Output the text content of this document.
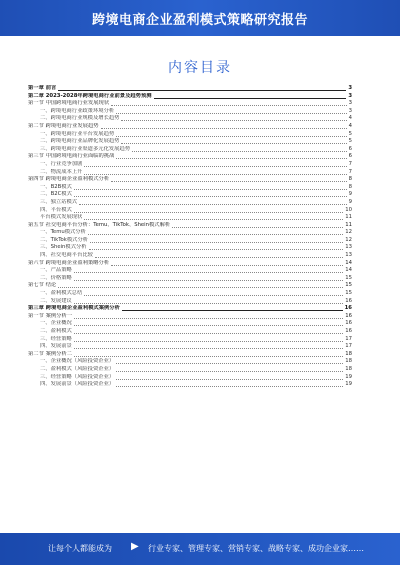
跨境电商企业盈利模式策略研究报告
内容目录
第一章 前言	3
第二章 2023-2028年跨境电商行业前景及趋势预测	3
第一节 中国跨境电商行业发展现状	3
一、跨境电商行业政策环境分析	3
二、跨境电商行业规模及增长趋势	4
第二节 跨境电商行业发展趋势	4
一、跨境电商行业平台发展趋势	5
二、跨境电商行业品牌化发展趋势	5
三、跨境电商行业渠道多元化发展趋势	6
第三节 中国跨境电商行业面临的挑战	6
一、行业竞争加剧	7
二、物流成本上升	7
第四节 跨境电商企业盈利模式分析	8
一、B2B模式	8
二、B2C模式	9
三、独立站模式	9
四、平台模式	10
平台模式发展现状	11
第五节 社交电商平台分析：Temu、TikTok、Shein模式解析	11
一、Temu模式分析	12
二、TikTok模式分析	12
三、Shein模式分析	13
四、社交电商平台比较	13
第六节 跨境电商企业盈利策略分析	14
一、产品策略	14
二、价格策略	15
第七节 结论	15
一、盈利模式总结	15
二、发展建议	16
第三章 跨境电商企业盈利模式案例分析	16
第一节 案例分析一	16
一、企业概况	16
二、盈利模式	16
三、经营策略	17
四、发展前景	17
第二节 案例分析二	18
一、企业概况（风险投资企业）	18
二、盈利模式（风险投资企业）	18
三、经营策略（风险投资企业）	19
四、发展前景（风险投资企业）	19
让每个人都能成为 ▶ 行业专家、管理专家、营销专家、战略专家、成功企业家……
